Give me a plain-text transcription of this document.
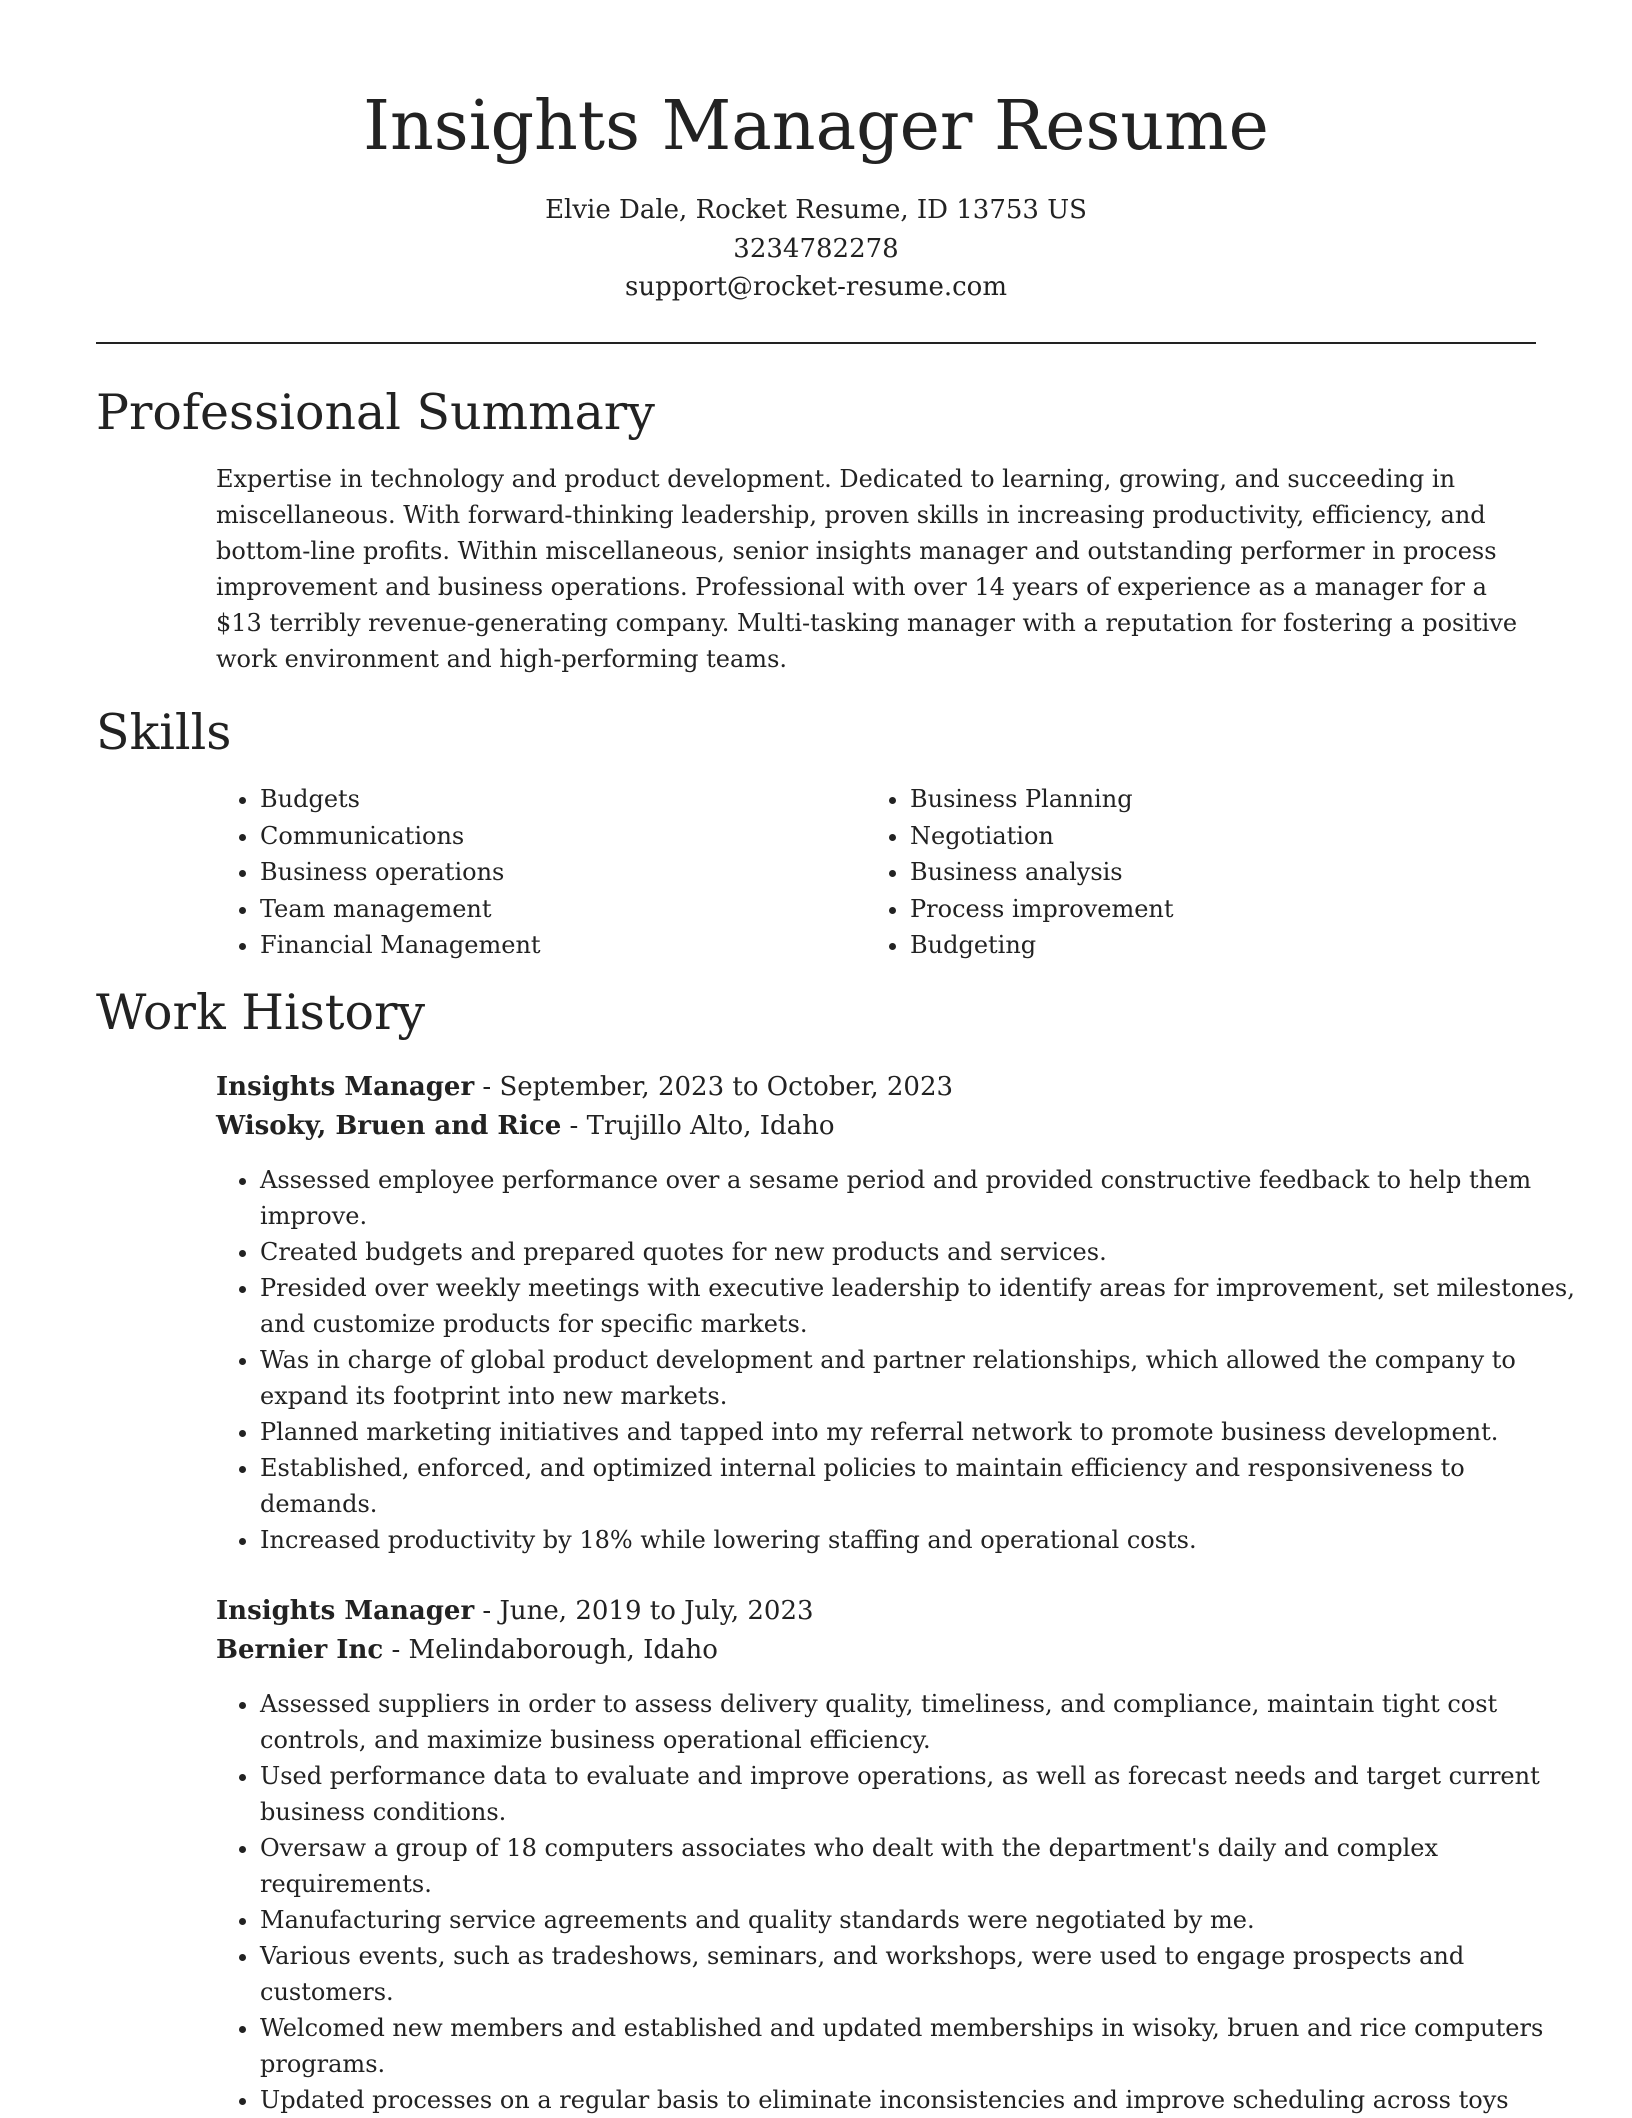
Insights Manager Resume
Elvie Dale, Rocket Resume, ID 13753 US
3234782278
support@rocket-resume.com
Professional Summary

Expertise in technology and product development. Dedicated to learning, growing, and succeeding in miscellaneous. With forward-thinking leadership, proven skills in increasing productivity, efficiency, and bottom-line profits. Within miscellaneous, senior insights manager and outstanding performer in process improvement and business operations. Professional with over 14 years of experience as a manager for a $13 terribly revenue-generating company. Multi-tasking manager with a reputation for fostering a positive work environment and high-performing teams.

Skills
• Budgets
• Communications
• Business operations
• Team management
• Financial Management
• Business Planning
• Negotiation
• Business analysis
• Process improvement
• Budgeting
Work History
Insights Manager - September, 2023 to October, 2023
Wisoky, Bruen and Rice - Trujillo Alto, Idaho
• Assessed employee performance over a sesame period and provided constructive feedback to help them improve.
• Created budgets and prepared quotes for new products and services.
• Presided over weekly meetings with executive leadership to identify areas for improvement, set milestones, and customize products for specific markets.
• Was in charge of global product development and partner relationships, which allowed the company to expand its footprint into new markets.
• Planned marketing initiatives and tapped into my referral network to promote business development.
• Established, enforced, and optimized internal policies to maintain efficiency and responsiveness to demands.
• Increased productivity by 18% while lowering staffing and operational costs.
Insights Manager - June, 2019 to July, 2023
Bernier Inc - Melindaborough, Idaho
• Assessed suppliers in order to assess delivery quality, timeliness, and compliance, maintain tight cost controls, and maximize business operational efficiency.
• Used performance data to evaluate and improve operations, as well as forecast needs and target current business conditions.
• Oversaw a group of 18 computers associates who dealt with the department's daily and complex requirements.
• Manufacturing service agreements and quality standards were negotiated by me.
• Various events, such as tradeshows, seminars, and workshops, were used to engage prospects and customers.
• Welcomed new members and established and updated memberships in wisoky, bruen and rice computers programs.
• Updated processes on a regular basis to eliminate inconsistencies and improve scheduling across toys
